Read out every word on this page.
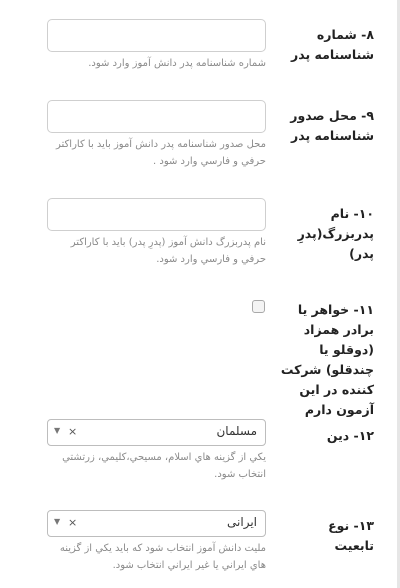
۸- شماره شناسنامه پدر
شماره شناسنامه پدر دانش آموز وارد شود.
۹- محل صدور شناسنامه پدر
محل صدور شناسنامه پدر دانش آموز باید با کاراکتر حرفي و فارسي وارد شود .
۱۰- نام پدربزرگ(پدرِ پدر)
نام پدربزرگ دانش آموز (پدرِ پدر) باید با کاراکتر حرفي و فارسي وارد شود.
۱۱- خواهر یا برادر همزاد (دوقلو یا چندقلو) شرکت کننده در این آزمون دارم
۱۲- دین
مسلمان
×
▼
يکي از گزينه هاي اسلام، مسيحي،کليمي، زرتشتي انتخاب شود.
۱۳- نوع تابعیت
ایرانی
×
▼
مليت دانش آموز انتخاب شود که بايد يکي از گزينه هاي ايراني يا غير ايراني انتخاب شود.
